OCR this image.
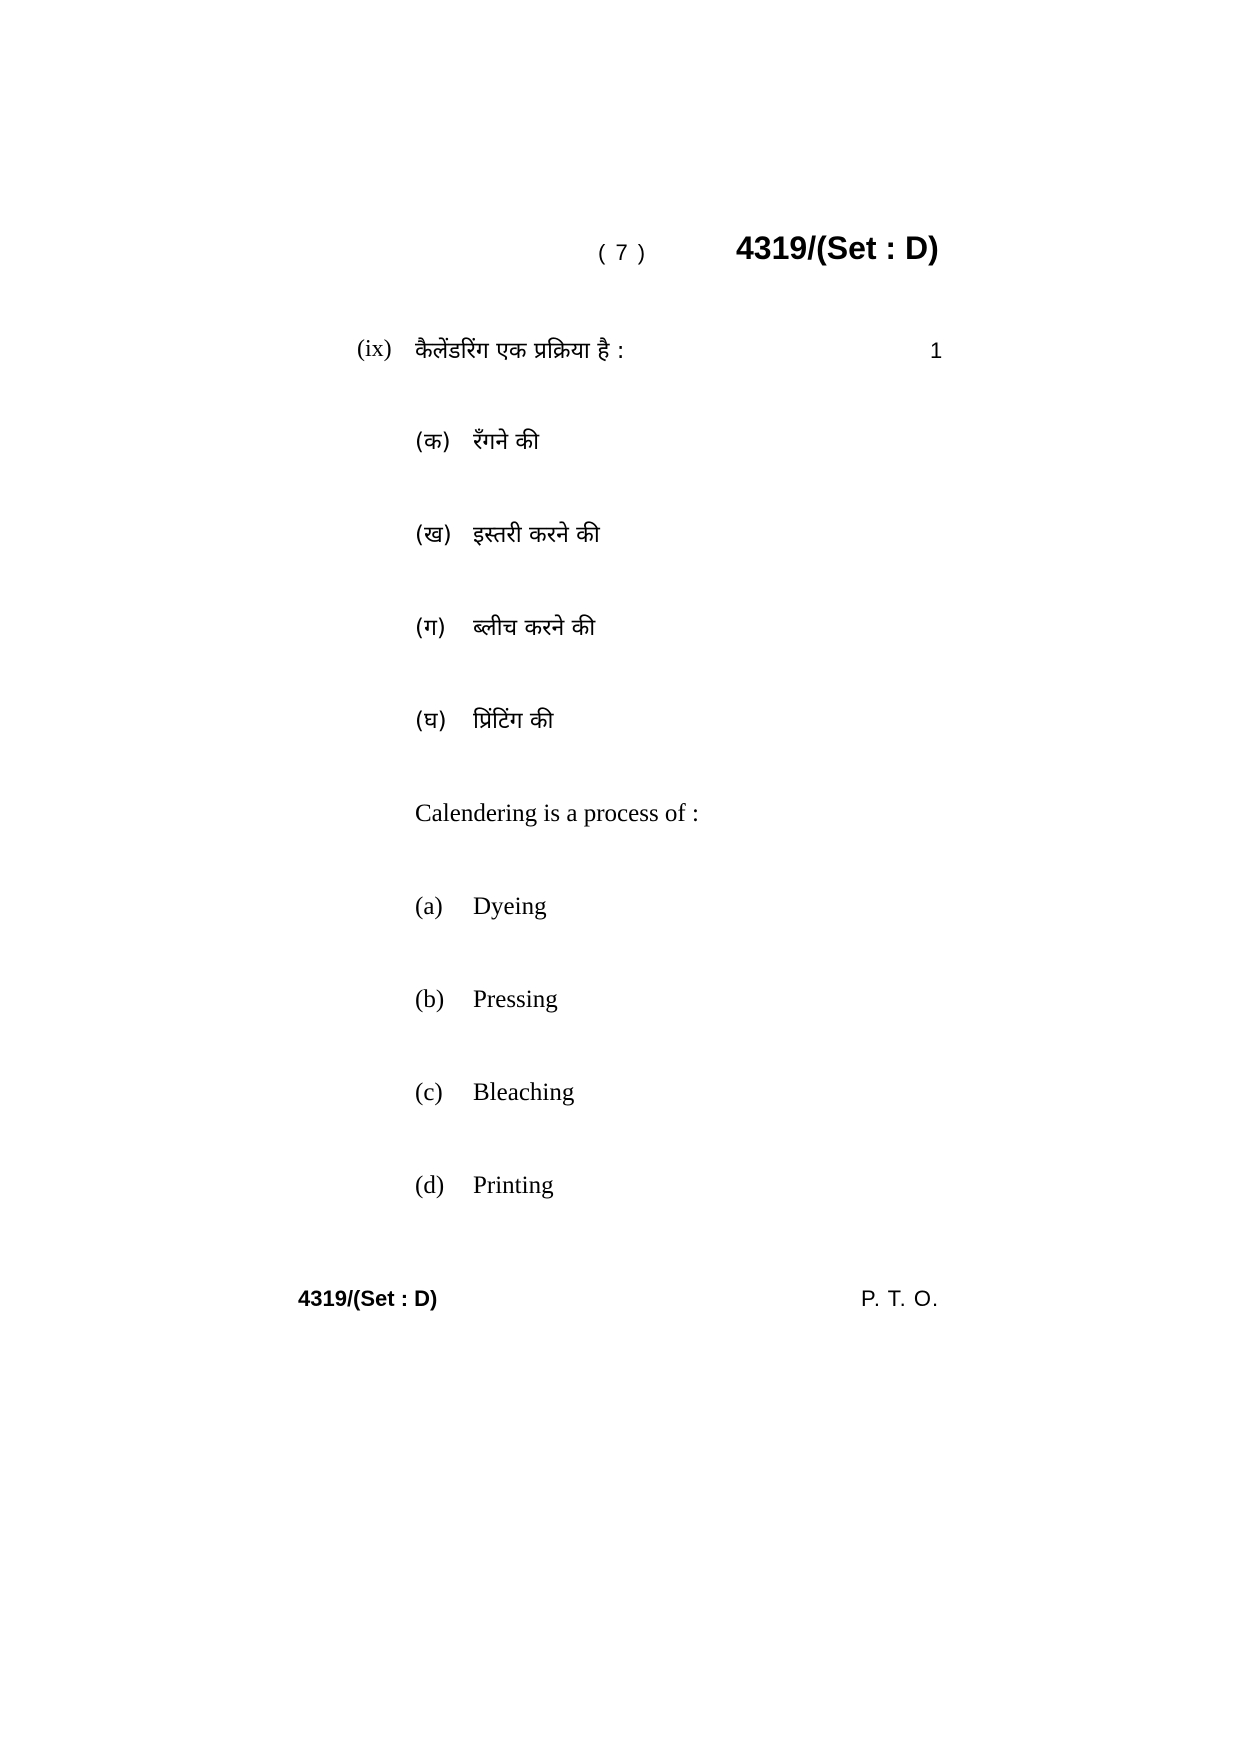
( 7 )	4319/(Set : D)
(ix) कैलेंडरिंग एक प्रक्रिया है :	1
(क) रँगने की
(ख) इस्तरी करने की
(ग) ब्लीच करने की
(घ) प्रिंटिंग की
Calendering is a process of :
(a) Dyeing
(b) Pressing
(c) Bleaching
(d) Printing
4319/(Set : D)	P. T. O.
